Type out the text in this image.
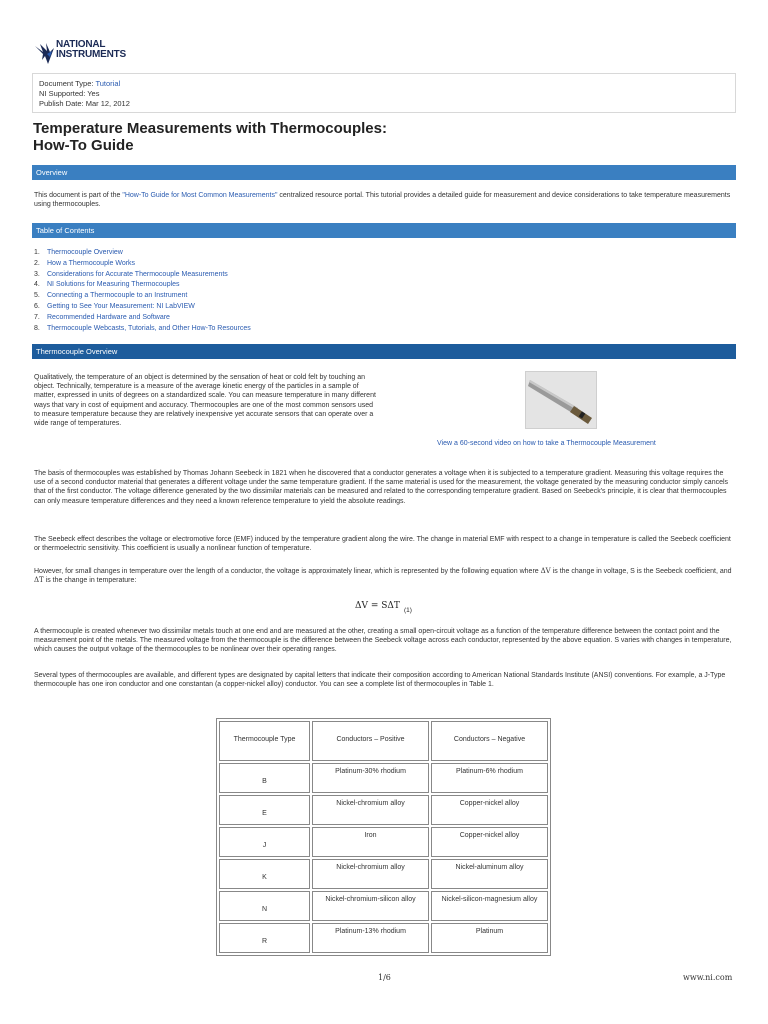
NATIONAL
INSTRUMENTS
Document Type: Tutorial
NI Supported: Yes
Publish Date: Mar 12, 2012
Temperature Measurements with Thermocouples:
How-To Guide
Overview

This document is part of the "How-To Guide for Most Common Measurements" centralized resource portal. This tutorial provides a detailed guide for measurement and device considerations to take temperature measurements using thermocouples.

Table of Contents
1. Thermocouple Overview
2. How a Thermocouple Works
3. Considerations for Accurate Thermocouple Measurements
4. NI Solutions for Measuring Thermocouples
5. Connecting a Thermocouple to an Instrument
6. Getting to See Your Measurement: NI LabVIEW
7. Recommended Hardware and Software
8. Thermocouple Webcasts, Tutorials, and Other How-To Resources
Thermocouple Overview

Qualitatively, the temperature of an object is determined by the sensation of heat or cold felt by touching an object. Technically, temperature is a measure of the average kinetic energy of the particles in a sample of matter, expressed in units of degrees on a standardized scale. You can measure temperature in many different ways that vary in cost of equipment and accuracy. Thermocouples are one of the most common sensors used to measure temperature because they are relatively inexpensive yet accurate sensors that can operate over a wide range of temperatures.

View a 60-second video on how to take a Thermocouple Measurement

The basis of thermocouples was established by Thomas Johann Seebeck in 1821 when he discovered that a conductor generates a voltage when it is subjected to a temperature gradient. Measuring this voltage requires the use of a second conductor material that generates a different voltage under the same temperature gradient. If the same material is used for the measurement, the voltage generated by the measuring conductor simply cancels that of the first conductor. The voltage difference generated by the two dissimilar materials can be measured and related to the corresponding temperature gradient. Based on Seebeck's principle, it is clear that thermocouples can only measure temperature differences and they need a known reference temperature to yield the absolute readings.

The Seebeck effect describes the voltage or electromotive force (EMF) induced by the temperature gradient along the wire. The change in material EMF with respect to a change in temperature is called the Seebeck coefficient or thermoelectric sensitivity. This coefficient is usually a nonlinear function of temperature.

However, for small changes in temperature over the length of a conductor, the voltage is approximately linear, which is represented by the following equation where ΔV is the change in voltage, S is the Seebeck coefficient, and ΔT is the change in temperature:

ΔV = SΔT (1)

A thermocouple is created whenever two dissimilar metals touch at one end and are measured at the other, creating a small open-circuit voltage as a function of the temperature difference between the contact point and the measurement point of the metals. The measured voltage from the thermocouple is the difference between the Seebeck voltage across each conductor, represented by the above equation. S varies with changes in temperature, which causes the output voltage of the thermocouples to be nonlinear over their operating ranges.

Several types of thermocouples are available, and different types are designated by capital letters that indicate their composition according to American National Standards Institute (ANSI) conventions. For example, a J-Type thermocouple has one iron conductor and one constantan (a copper-nickel alloy) conductor. You can see a complete list of thermocouples in Table 1.

Thermocouple Type	Conductors – Positive	Conductors – Negative
B	Platinum-30% rhodium	Platinum-6% rhodium
E	Nickel-chromium alloy	Copper-nickel alloy
J	Iron	Copper-nickel alloy
K	Nickel-chromium alloy	Nickel-aluminum alloy
N	Nickel-chromium-silicon alloy	Nickel-silicon-magnesium alloy
R	Platinum-13% rhodium	Platinum
1/6	www.ni.com
